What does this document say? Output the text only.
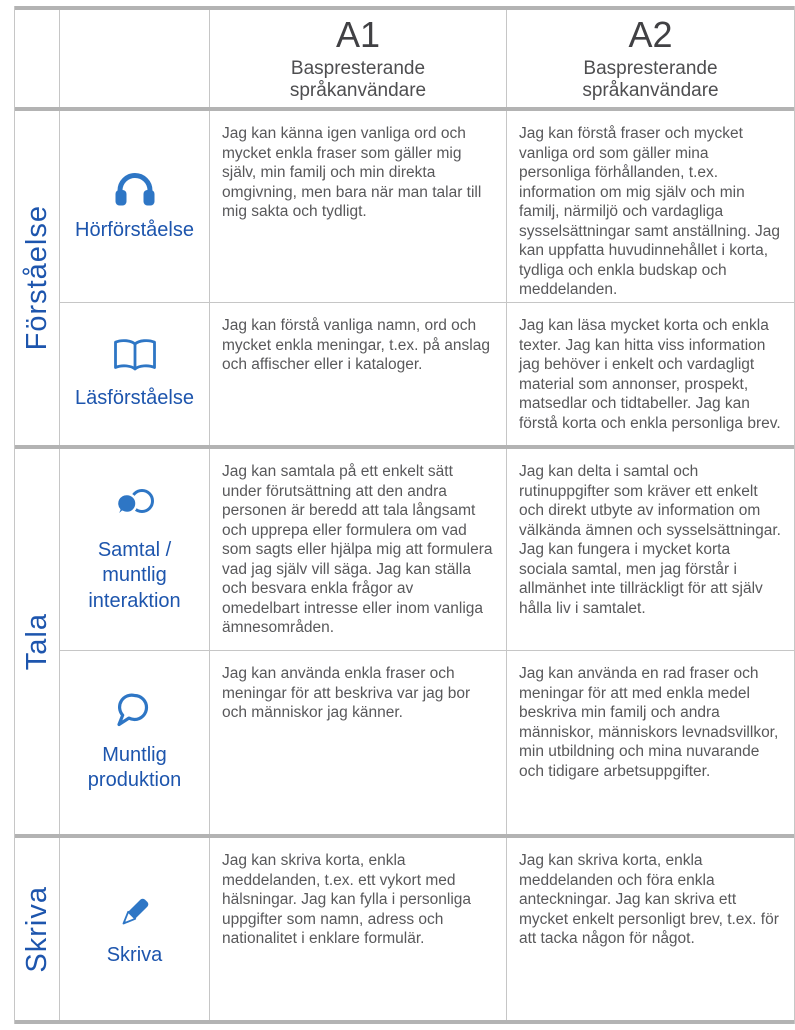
A1
Baspresterande språkanvändare
A2
Baspresterande språkanvändare
Förståelse Hörförståelse
Jag kan känna igen vanliga ord och mycket enkla fraser som gäller mig själv, min familj och min direkta omgivning, men bara när man talar till mig sakta och tydligt.
Jag kan förstå fraser och mycket vanliga ord som gäller mina personliga förhållanden, t.ex. information om mig själv och min familj, närmiljö och vardagliga sysselsättningar samt anställning. Jag kan uppfatta huvudinnehållet i korta, tydliga och enkla budskap och meddelanden.
Läsförståelse
Jag kan förstå vanliga namn, ord och mycket enkla meningar, t.ex. på anslag och affischer eller i kataloger.
Jag kan läsa mycket korta och enkla texter. Jag kan hitta viss information jag behöver i enkelt och vardagligt material som annonser, prospekt, matsedlar och tidtabeller. Jag kan förstå korta och enkla personliga brev.
Tala
Samtal / muntlig interaktion
Jag kan samtala på ett enkelt sätt under förutsättning att den andra personen är beredd att tala långsamt och upprepa eller formulera om vad som sagts eller hjälpa mig att formulera vad jag själv vill säga. Jag kan ställa och besvara enkla frågor av omedelbart intresse eller inom vanliga ämnesområden.
Jag kan delta i samtal och rutinuppgifter som kräver ett enkelt och direkt utbyte av information om välkända ämnen och sysselsättningar. Jag kan fungera i mycket korta sociala samtal, men jag förstår i allmänhet inte tillräckligt för att själv hålla liv i samtalet.
Muntlig produktion
Jag kan använda enkla fraser och meningar för att beskriva var jag bor och människor jag känner.
Jag kan använda en rad fraser och meningar för att med enkla medel beskriva min familj och andra människor, människors levnadsvillkor, min utbildning och mina nuvarande och tidigare arbetsuppgifter.
Skriva	Skriva
Jag kan skriva korta, enkla meddelanden, t.ex. ett vykort med hälsningar. Jag kan fylla i personliga uppgifter som namn, adress och nationalitet i enklare formulär.
Jag kan skriva korta, enkla meddelanden och föra enkla anteckningar. Jag kan skriva ett mycket enkelt personligt brev, t.ex. för att tacka någon för något.
